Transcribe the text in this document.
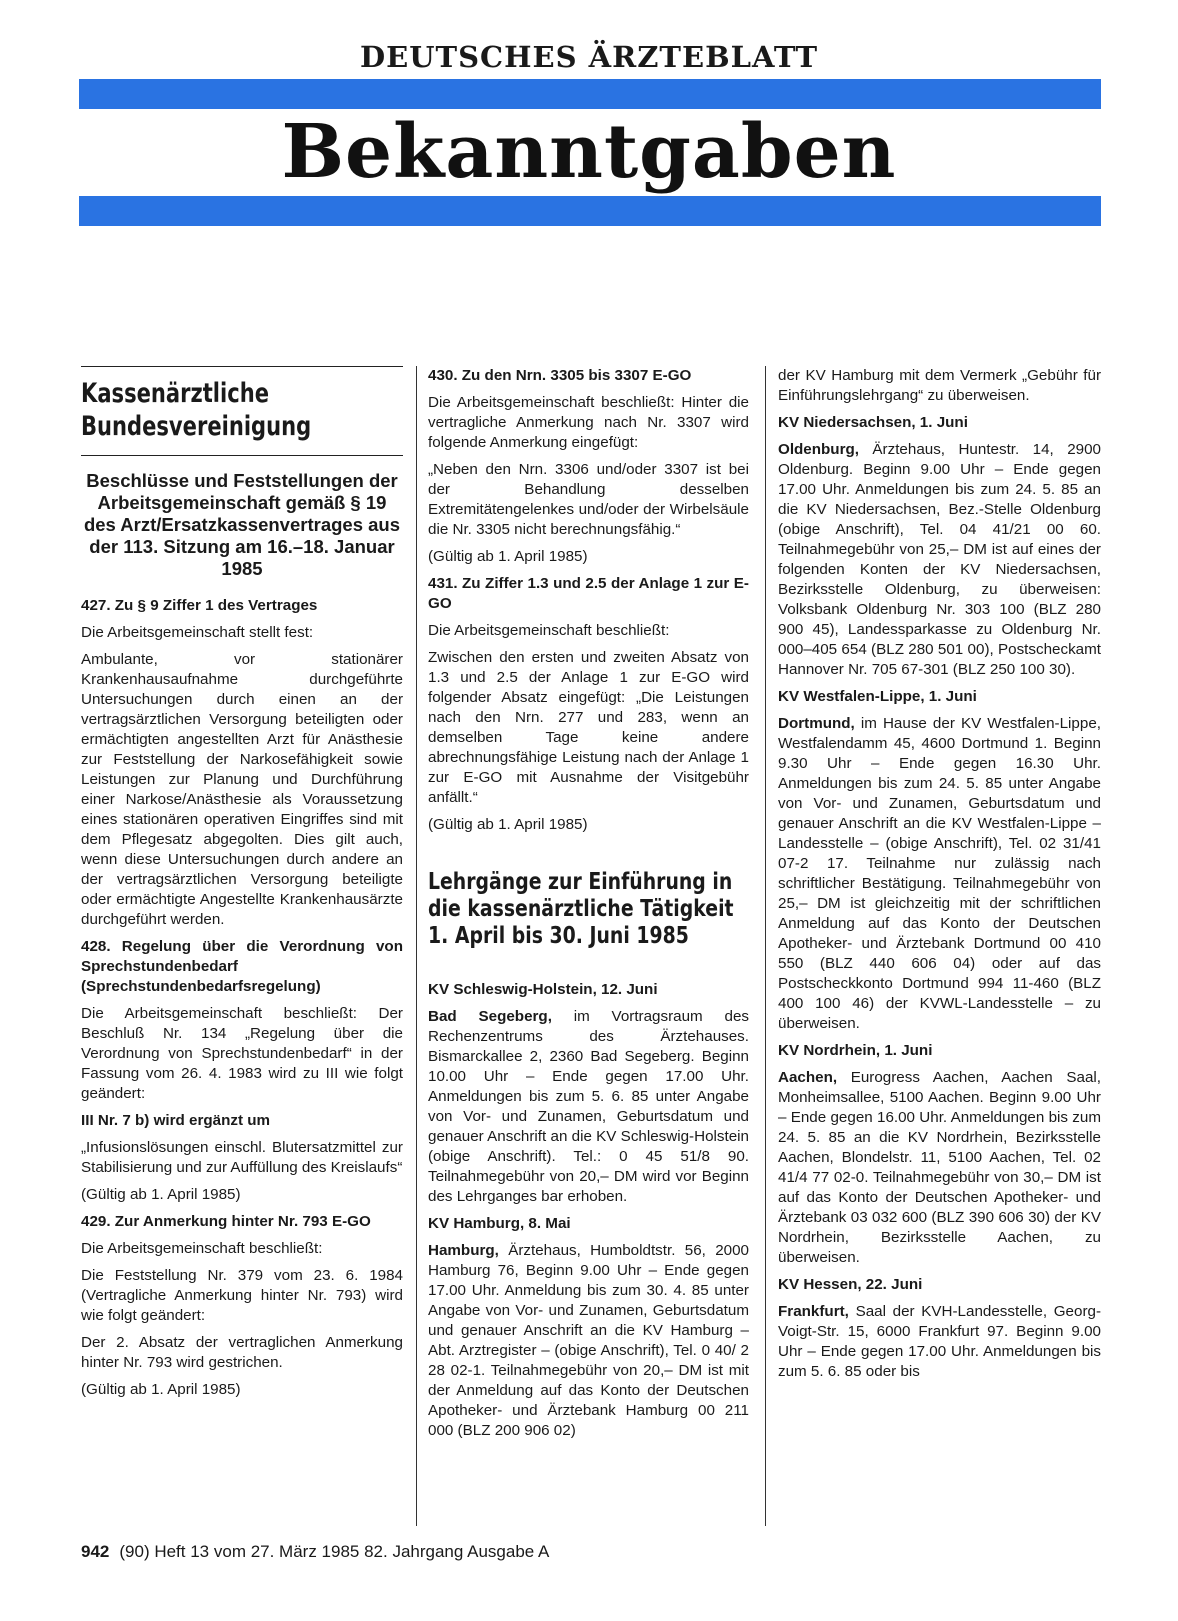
DEUTSCHES ÄRZTEBLATT
Bekanntgaben
Kassenärztliche Bundesvereinigung
Beschlüsse und Feststellungen der Arbeitsgemeinschaft gemäß § 19 des Arzt/Ersatzkassenvertrages aus der 113. Sitzung am 16.–18. Januar 1985

427. Zu § 9 Ziffer 1 des Vertrages

Die Arbeitsgemeinschaft stellt fest:

Ambulante, vor stationärer Krankenhausaufnahme durchgeführte Untersuchungen durch einen an der vertragsärztlichen Versorgung beteiligten oder ermächtigten angestellten Arzt für Anästhesie zur Feststellung der Narkosefähigkeit sowie Leistungen zur Planung und Durchführung einer Narkose/Anästhesie als Voraussetzung eines stationären operativen Eingriffes sind mit dem Pflegesatz abgegolten. Dies gilt auch, wenn diese Untersuchungen durch andere an der vertragsärztlichen Versorgung beteiligte oder ermächtigte Angestellte Krankenhausärzte durchgeführt werden.

428. Regelung über die Verordnung von Sprechstundenbedarf (Sprechstundenbedarfsregelung)

Die Arbeitsgemeinschaft beschließt: Der Beschluß Nr. 134 „Regelung über die Verordnung von Sprechstundenbedarf“ in der Fassung vom 26. 4. 1983 wird zu III wie folgt geändert:

III Nr. 7 b) wird ergänzt um

„Infusionslösungen einschl. Blutersatzmittel zur Stabilisierung und zur Auffüllung des Kreislaufs“

(Gültig ab 1. April 1985)

429. Zur Anmerkung hinter Nr. 793 E-GO

Die Arbeitsgemeinschaft beschließt:

Die Feststellung Nr. 379 vom 23. 6. 1984 (Vertragliche Anmerkung hinter Nr. 793) wird wie folgt geändert:

Der 2. Absatz der vertraglichen Anmerkung hinter Nr. 793 wird gestrichen.

(Gültig ab 1. April 1985)

430. Zu den Nrn. 3305 bis 3307 E-GO

Die Arbeitsgemeinschaft beschließt: Hinter die vertragliche Anmerkung nach Nr. 3307 wird folgende Anmerkung eingefügt:

„Neben den Nrn. 3306 und/oder 3307 ist bei der Behandlung desselben Extremitätengelenkes und/oder der Wirbelsäule die Nr. 3305 nicht berechnungsfähig.“

(Gültig ab 1. April 1985)

431. Zu Ziffer 1.3 und 2.5 der Anlage 1 zur E-GO

Die Arbeitsgemeinschaft beschließt:

Zwischen den ersten und zweiten Absatz von 1.3 und 2.5 der Anlage 1 zur E-GO wird folgender Absatz eingefügt: „Die Leistungen nach den Nrn. 277 und 283, wenn an demselben Tage keine andere abrechnungsfähige Leistung nach der Anlage 1 zur E-GO mit Ausnahme der Visitgebühr anfällt.“

(Gültig ab 1. April 1985)

Lehrgänge zur Einführung in die kassenärztliche Tätigkeit 1. April bis 30. Juni 1985

KV Schleswig-Holstein, 12. Juni

Bad Segeberg, im Vortragsraum des Rechenzentrums des Ärztehauses. Bismarckallee 2, 2360 Bad Segeberg. Beginn 10.00 Uhr – Ende gegen 17.00 Uhr. Anmeldungen bis zum 5. 6. 85 unter Angabe von Vor- und Zunamen, Geburtsdatum und genauer Anschrift an die KV Schleswig-Holstein (obige Anschrift). Tel.: 0 45 51/8 90. Teilnahmegebühr von 20,– DM wird vor Beginn des Lehrganges bar erhoben.

KV Hamburg, 8. Mai

Hamburg, Ärztehaus, Humboldtstr. 56, 2000 Hamburg 76, Beginn 9.00 Uhr – Ende gegen 17.00 Uhr. Anmeldung bis zum 30. 4. 85 unter Angabe von Vor- und Zunamen, Geburtsdatum und genauer Anschrift an die KV Hamburg – Abt. Arztregister – (obige Anschrift), Tel. 0 40/ 2 28 02-1. Teilnahmegebühr von 20,– DM ist mit der Anmeldung auf das Konto der Deutschen Apotheker- und Ärztebank Hamburg 00 211 000 (BLZ 200 906 02)

der KV Hamburg mit dem Vermerk „Gebühr für Einführungslehrgang“ zu überweisen.

KV Niedersachsen, 1. Juni

Oldenburg, Ärztehaus, Huntestr. 14, 2900 Oldenburg. Beginn 9.00 Uhr – Ende gegen 17.00 Uhr. Anmeldungen bis zum 24. 5. 85 an die KV Niedersachsen, Bez.-Stelle Oldenburg (obige Anschrift), Tel. 04 41/21 00 60. Teilnahmegebühr von 25,– DM ist auf eines der folgenden Konten der KV Niedersachsen, Bezirksstelle Oldenburg, zu überweisen: Volksbank Oldenburg Nr. 303 100 (BLZ 280 900 45), Landessparkasse zu Oldenburg Nr. 000–405 654 (BLZ 280 501 00), Postscheckamt Hannover Nr. 705 67-301 (BLZ 250 100 30).

KV Westfalen-Lippe, 1. Juni

Dortmund, im Hause der KV Westfalen-Lippe, Westfalendamm 45, 4600 Dortmund 1. Beginn 9.30 Uhr – Ende gegen 16.30 Uhr. Anmeldungen bis zum 24. 5. 85 unter Angabe von Vor- und Zunamen, Geburtsdatum und genauer Anschrift an die KV Westfalen-Lippe – Landesstelle – (obige Anschrift), Tel. 02 31/41 07-2 17. Teilnahme nur zulässig nach schriftlicher Bestätigung. Teilnahmegebühr von 25,– DM ist gleichzeitig mit der schriftlichen Anmeldung auf das Konto der Deutschen Apotheker- und Ärztebank Dortmund 00 410 550 (BLZ 440 606 04) oder auf das Postscheckkonto Dortmund 994 11-460 (BLZ 400 100 46) der KVWL-Landesstelle – zu überweisen.

KV Nordrhein, 1. Juni

Aachen, Eurogress Aachen, Aachen Saal, Monheimsallee, 5100 Aachen. Beginn 9.00 Uhr – Ende gegen 16.00 Uhr. Anmeldungen bis zum 24. 5. 85 an die KV Nordrhein, Bezirksstelle Aachen, Blondelstr. 11, 5100 Aachen, Tel. 02 41/4 77 02-0. Teilnahmegebühr von 30,– DM ist auf das Konto der Deutschen Apotheker- und Ärztebank 03 032 600 (BLZ 390 606 30) der KV Nordrhein, Bezirksstelle Aachen, zu überweisen.

KV Hessen, 22. Juni

Frankfurt, Saal der KVH-Landesstelle, Georg-Voigt-Str. 15, 6000 Frankfurt 97. Beginn 9.00 Uhr – Ende gegen 17.00 Uhr. Anmeldungen bis zum 5. 6. 85 oder bis

942 (90) Heft 13 vom 27. März 1985 82. Jahrgang Ausgabe A
